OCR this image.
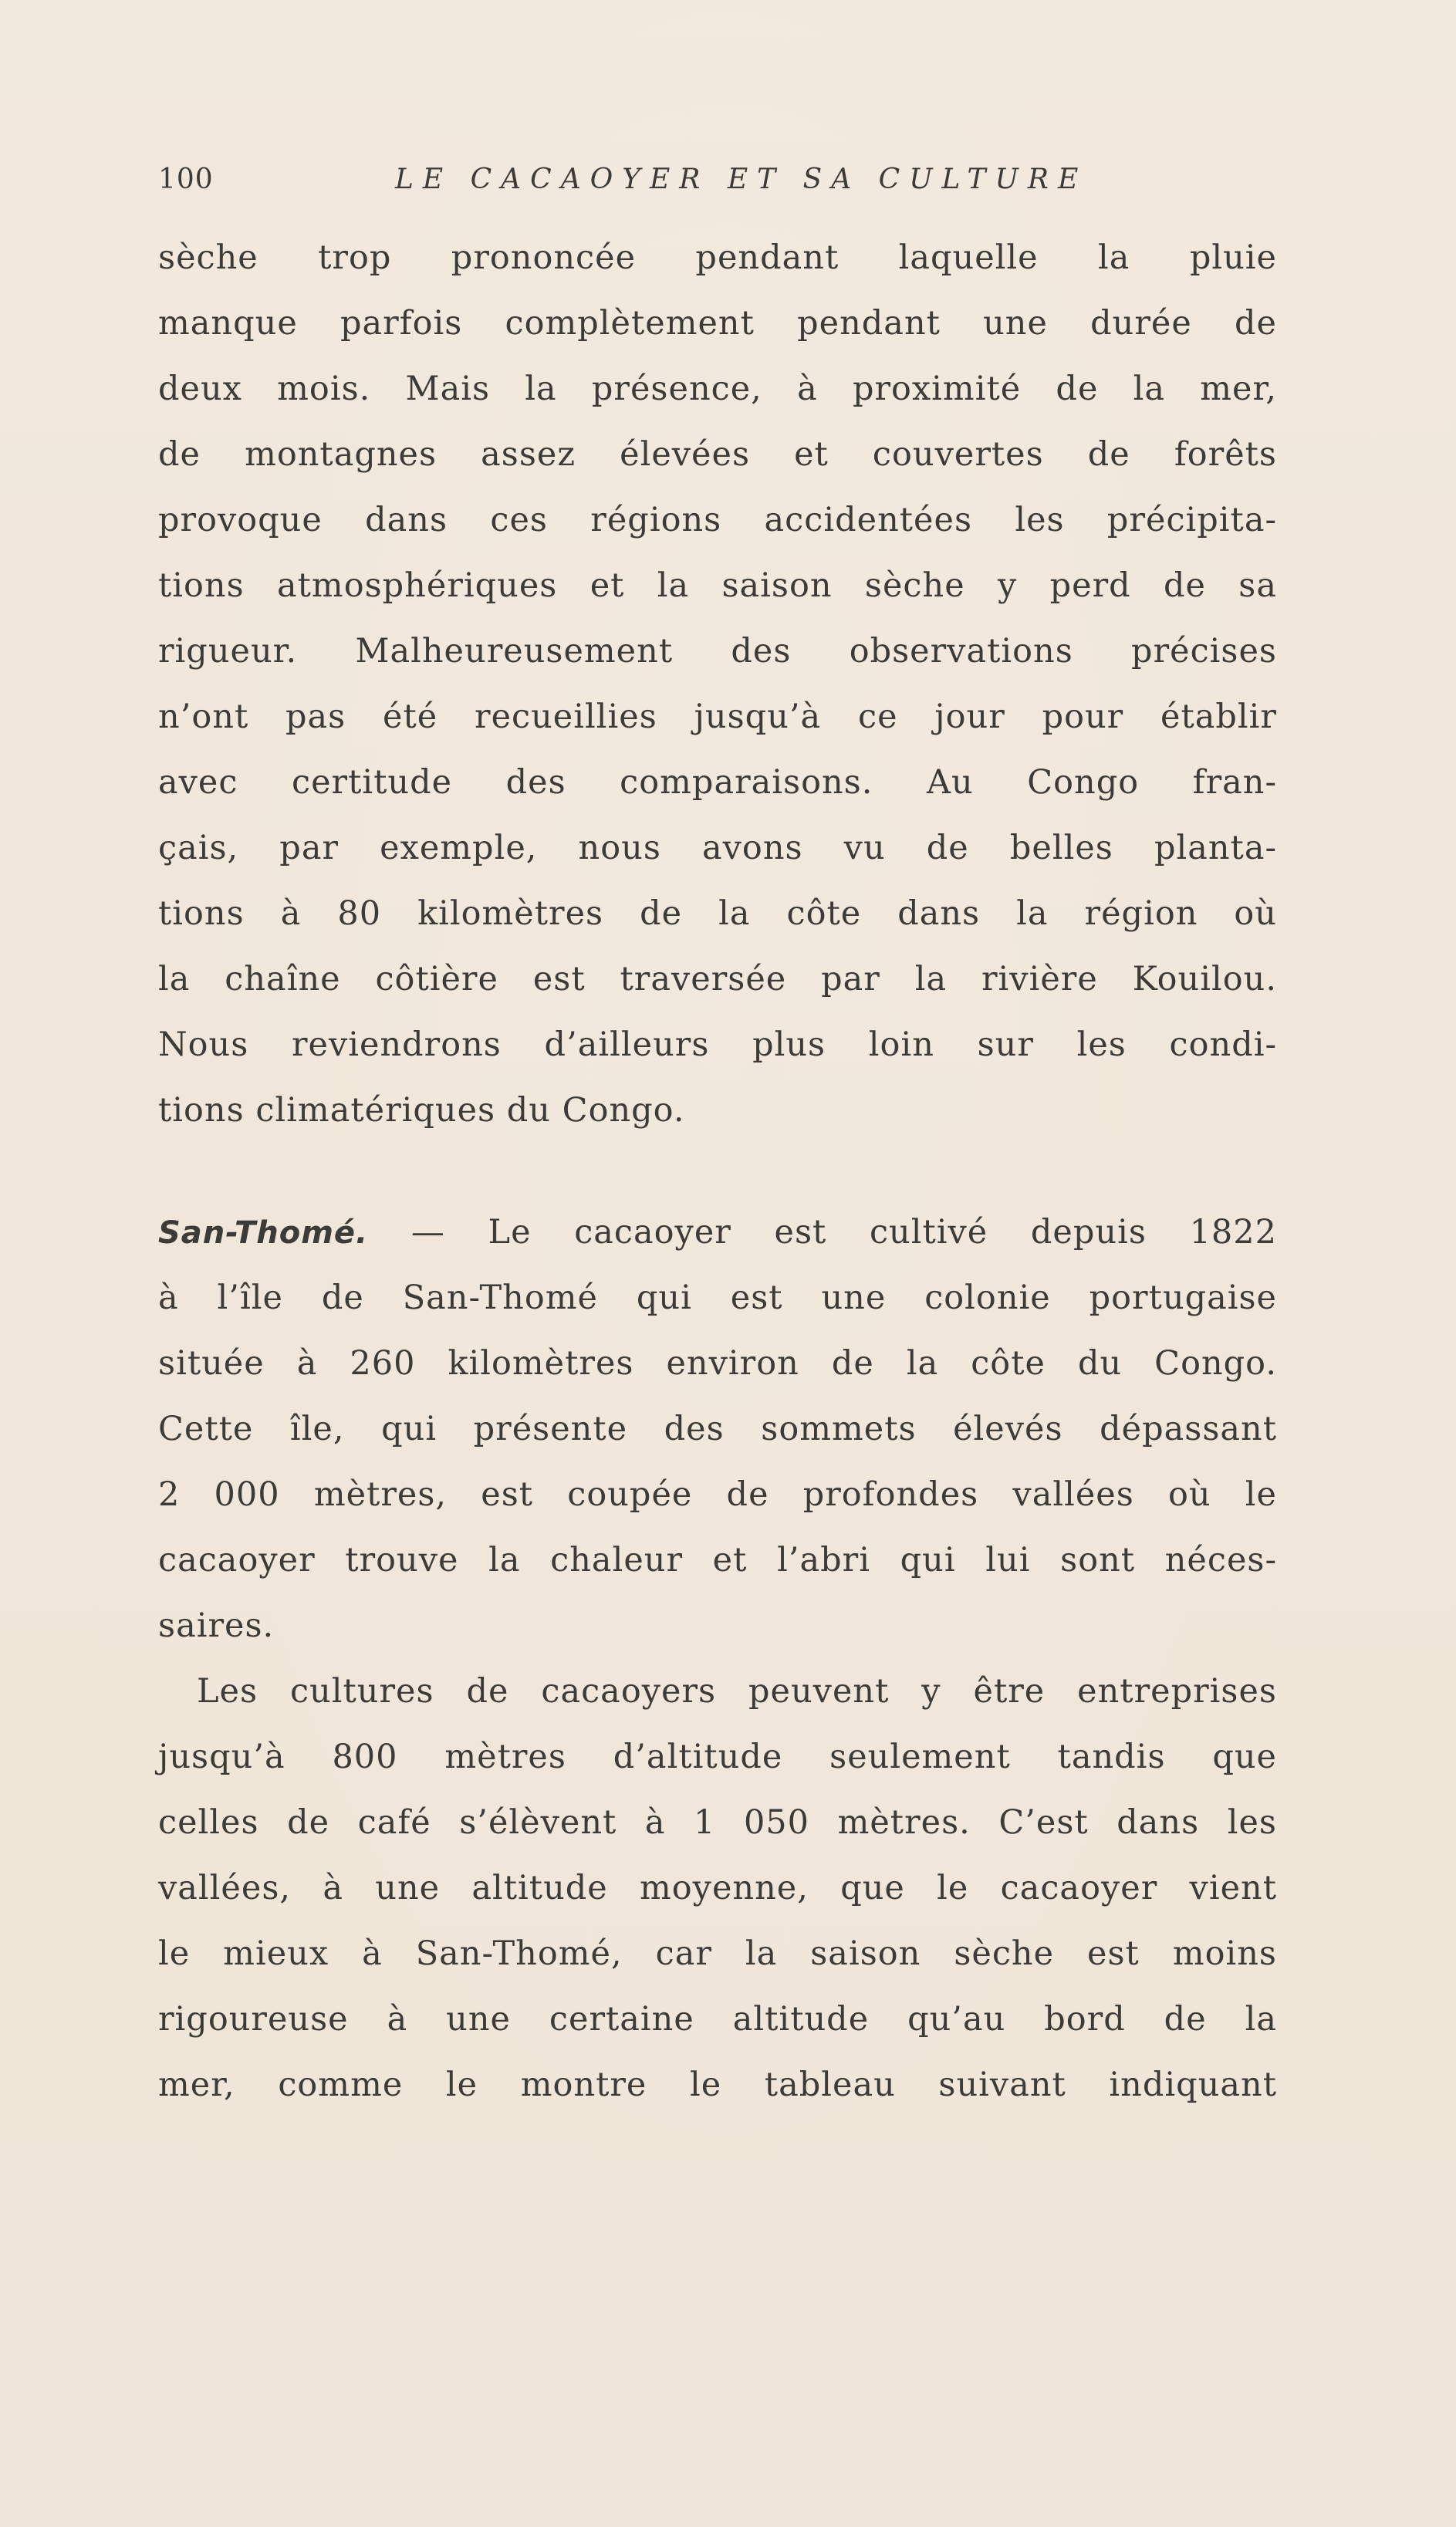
100	LE CACAOYER ET SA CULTURE
sèche trop prononcée pendant laquelle la pluie
manque parfois complètement pendant une durée de
deux mois. Mais la présence, à proximité de la mer,
de montagnes assez élevées et couvertes de forêts
provoque dans ces régions accidentées les précipita-
tions atmosphériques et la saison sèche y perd de sa
rigueur. Malheureusement des observations précises
n’ont pas été recueillies jusqu’à ce jour pour établir
avec certitude des comparaisons. Au Congo fran-
çais, par exemple, nous avons vu de belles planta-
tions à 80 kilomètres de la côte dans la région où
la chaîne côtière est traversée par la rivière Kouilou.
Nous reviendrons d’ailleurs plus loin sur les condi-
tions climatériques du Congo.
San-Thomé. — Le cacaoyer est cultivé depuis 1822
à l’île de San-Thomé qui est une colonie portugaise
située à 260 kilomètres environ de la côte du Congo.
Cette île, qui présente des sommets élevés dépassant
2 000 mètres, est coupée de profondes vallées où le
cacaoyer trouve la chaleur et l’abri qui lui sont néces-
saires.
Les cultures de cacaoyers peuvent y être entreprises
jusqu’à 800 mètres d’altitude seulement tandis que
celles de café s’élèvent à 1 050 mètres. C’est dans les
vallées, à une altitude moyenne, que le cacaoyer vient
le mieux à San-Thomé, car la saison sèche est moins
rigoureuse à une certaine altitude qu’au bord de la
mer, comme le montre le tableau suivant indiquant
